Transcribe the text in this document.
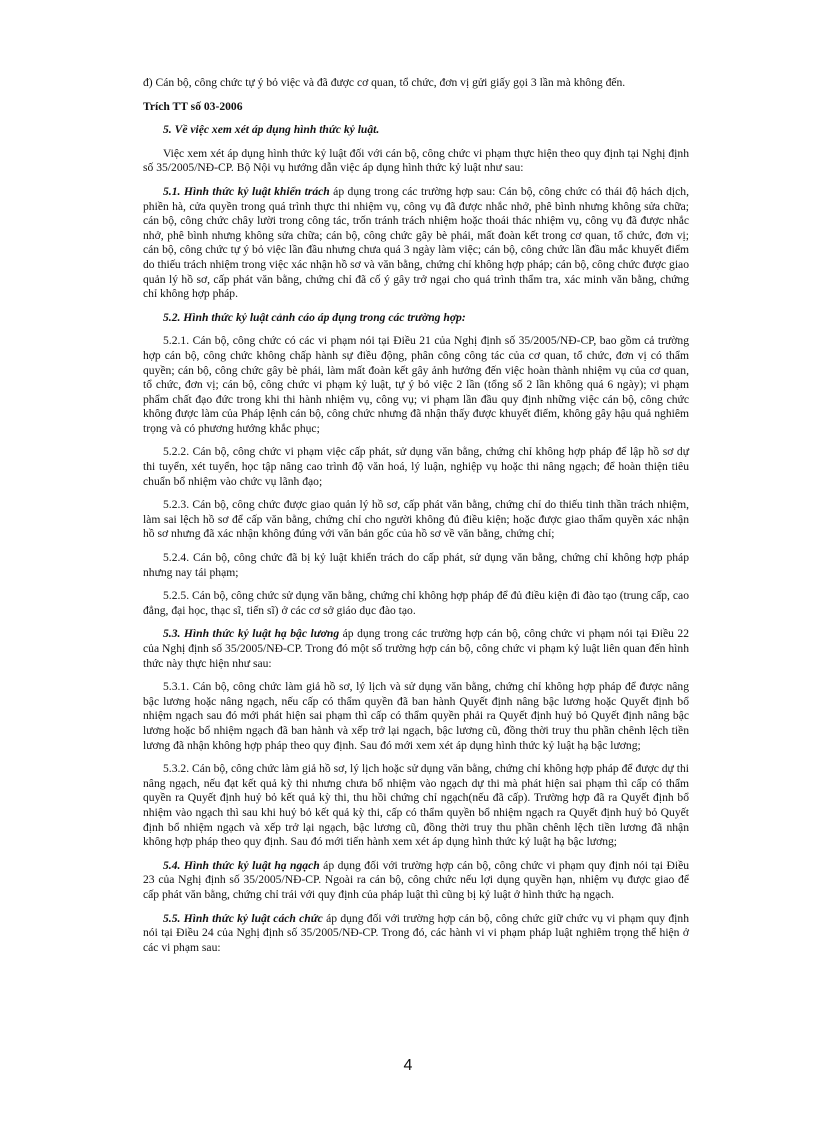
đ) Cán bộ, công chức tự ý bỏ việc và đã được cơ quan, tổ chức, đơn vị gửi giấy gọi 3 lần mà không đến.

Trích TT số 03-2006

5. Về việc xem xét áp dụng hình thức kỷ luật.

Việc xem xét áp dụng hình thức kỷ luật đối với cán bộ, công chức vi phạm thực hiện theo quy định tại Nghị định số 35/2005/NĐ-CP. Bộ Nội vụ hướng dẫn việc áp dụng hình thức kỷ luật như sau:

5.1. Hình thức kỷ luật khiển trách áp dụng trong các trường hợp sau: Cán bộ, công chức có thái độ hách dịch, phiền hà, cửa quyền trong quá trình thực thi nhiệm vụ, công vụ đã được nhắc nhở, phê bình nhưng không sửa chữa; cán bộ, công chức chây lười trong công tác, trốn tránh trách nhiệm hoặc thoái thác nhiệm vụ, công vụ đã được nhắc nhở, phê bình nhưng không sửa chữa; cán bộ, công chức gây bè phái, mất đoàn kết trong cơ quan, tổ chức, đơn vị; cán bộ, công chức tự ý bỏ việc lần đầu nhưng chưa quá 3 ngày làm việc; cán bộ, công chức lần đầu mắc khuyết điểm do thiếu trách nhiệm trong việc xác nhận hồ sơ và văn bằng, chứng chỉ không hợp pháp; cán bộ, công chức được giao quản lý hồ sơ, cấp phát văn bằng, chứng chỉ đã cố ý gây trở ngại cho quá trình thẩm tra, xác minh văn bằng, chứng chỉ không hợp pháp.

5.2. Hình thức kỷ luật cảnh cáo áp dụng trong các trường hợp:

5.2.1. Cán bộ, công chức có các vi phạm nói tại Điều 21 của Nghị định số 35/2005/NĐ-CP, bao gồm cả trường hợp cán bộ, công chức không chấp hành sự điều động, phân công công tác của cơ quan, tổ chức, đơn vị có thẩm quyền; cán bộ, công chức gây bè phái, làm mất đoàn kết gây ảnh hưởng đến việc hoàn thành nhiệm vụ của cơ quan, tổ chức, đơn vị; cán bộ, công chức vi phạm kỷ luật, tự ý bỏ việc 2 lần (tổng số 2 lần không quá 6 ngày); vi phạm phẩm chất đạo đức trong khi thi hành nhiệm vụ, công vụ; vi phạm lần đầu quy định những việc cán bộ, công chức không được làm của Pháp lệnh cán bộ, công chức nhưng đã nhận thấy được khuyết điểm, không gây hậu quả nghiêm trọng và có phương hướng khắc phục;

5.2.2. Cán bộ, công chức vi phạm việc cấp phát, sử dụng văn bằng, chứng chỉ không hợp pháp để lập hồ sơ dự thi tuyển, xét tuyển, học tập nâng cao trình độ văn hoá, lý luận, nghiệp vụ hoặc thi nâng ngạch; để hoàn thiện tiêu chuẩn bổ nhiệm vào chức vụ lãnh đạo;

5.2.3. Cán bộ, công chức được giao quản lý hồ sơ, cấp phát văn bằng, chứng chỉ do thiếu tinh thần trách nhiệm, làm sai lệch hồ sơ để cấp văn bằng, chứng chỉ cho người không đủ điều kiện; hoặc được giao thẩm quyền xác nhận hồ sơ nhưng đã xác nhận không đúng với văn bản gốc của hồ sơ về văn bằng, chứng chỉ;

5.2.4. Cán bộ, công chức đã bị kỷ luật khiển trách do cấp phát, sử dụng văn bằng, chứng chỉ không hợp pháp nhưng nay tái phạm;

5.2.5. Cán bộ, công chức sử dụng văn bằng, chứng chỉ không hợp pháp để đủ điều kiện đi đào tạo (trung cấp, cao đẳng, đại học, thạc sĩ, tiến sĩ) ở các cơ sở giáo dục đào tạo.

5.3. Hình thức kỷ luật hạ bậc lương áp dụng trong các trường hợp cán bộ, công chức vi phạm nói tại Điều 22 của Nghị định số 35/2005/NĐ-CP. Trong đó một số trường hợp cán bộ, công chức vi phạm kỷ luật liên quan đến hình thức này thực hiện như sau:

5.3.1. Cán bộ, công chức làm giả hồ sơ, lý lịch và sử dụng văn bằng, chứng chỉ không hợp pháp để được nâng bậc lương hoặc nâng ngạch, nếu cấp có thẩm quyền đã ban hành Quyết định nâng bậc lương hoặc Quyết định bổ nhiệm ngạch sau đó mới phát hiện sai phạm thì cấp có thẩm quyền phải ra Quyết định huỷ bỏ Quyết định nâng bậc lương hoặc bổ nhiệm ngạch đã ban hành và xếp trở lại ngạch, bậc lương cũ, đồng thời truy thu phần chênh lệch tiền lương đã nhận không hợp pháp theo quy định. Sau đó mới xem xét áp dụng hình thức kỷ luật hạ bậc lương;

5.3.2. Cán bộ, công chức làm giả hồ sơ, lý lịch hoặc sử dụng văn bằng, chứng chỉ không hợp pháp để được dự thi nâng ngạch, nếu đạt kết quả kỳ thi nhưng chưa bổ nhiệm vào ngạch dự thi mà phát hiện sai phạm thì cấp có thẩm quyền ra Quyết định huỷ bỏ kết quả kỳ thi, thu hồi chứng chỉ ngạch(nếu đã cấp). Trường hợp đã ra Quyết định bổ nhiệm vào ngạch thì sau khi huỷ bỏ kết quả kỳ thi, cấp có thẩm quyền bổ nhiệm ngạch ra Quyết định huỷ bỏ Quyết định bổ nhiệm ngạch và xếp trở lại ngạch, bậc lương cũ, đồng thời truy thu phần chênh lệch tiền lương đã nhận không hợp pháp theo quy định. Sau đó mới tiến hành xem xét áp dụng hình thức kỷ luật hạ bậc lương;

5.4. Hình thức kỷ luật hạ ngạch áp dụng đối với trường hợp cán bộ, công chức vi phạm quy định nói tại Điều 23 của Nghị định số 35/2005/NĐ-CP. Ngoài ra cán bộ, công chức nếu lợi dụng quyền hạn, nhiệm vụ được giao để cấp phát văn bằng, chứng chỉ trái với quy định của pháp luật thì cũng bị kỷ luật ở hình thức hạ ngạch.

5.5. Hình thức kỷ luật cách chức áp dụng đối với trường hợp cán bộ, công chức giữ chức vụ vi phạm quy định nói tại Điều 24 của Nghị định số 35/2005/NĐ-CP. Trong đó, các hành vi vi phạm pháp luật nghiêm trọng thể hiện ở các vi phạm sau:

4
